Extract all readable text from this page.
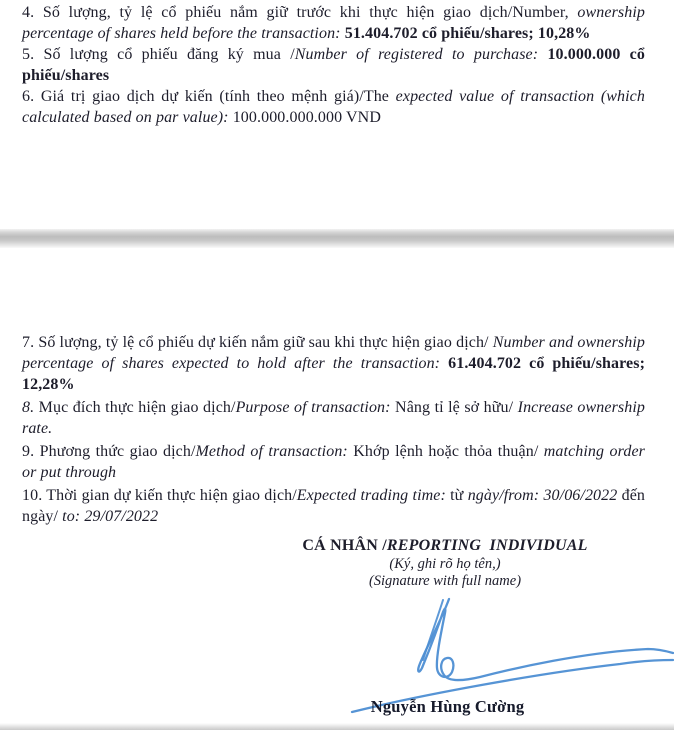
4. Số lượng, tỷ lệ cổ phiếu nắm giữ trước khi thực hiện giao dịch/Number, ownership percentage of shares held before the transaction: 51.404.702 cổ phiếu/shares; 10,28%

5. Số lượng cổ phiếu đăng ký mua /Number of registered to purchase: 10.000.000 cổ phiếu/shares

6. Giá trị giao dịch dự kiến (tính theo mệnh giá)/The expected value of transaction (which calculated based on par value): 100.000.000.000 VND

7. Số lượng, tỷ lệ cổ phiếu dự kiến nắm giữ sau khi thực hiện giao dịch/ Number and ownership percentage of shares expected to hold after the transaction: 61.404.702 cổ phiếu/shares; 12,28%

8. Mục đích thực hiện giao dịch/Purpose of transaction: Nâng tỉ lệ sở hữu/ Increase ownership rate.

9. Phương thức giao dịch/Method of transaction: Khớp lệnh hoặc thỏa thuận/ matching order or put through

10. Thời gian dự kiến thực hiện giao dịch/Expected trading time: từ ngày/from: 30/06/2022 đến ngày/ to: 29/07/2022

CÁ NHÂN /REPORTING  INDIVIDUAL
(Ký, ghi rõ họ tên,)
(Signature with full name)
Nguyễn Hùng Cường
